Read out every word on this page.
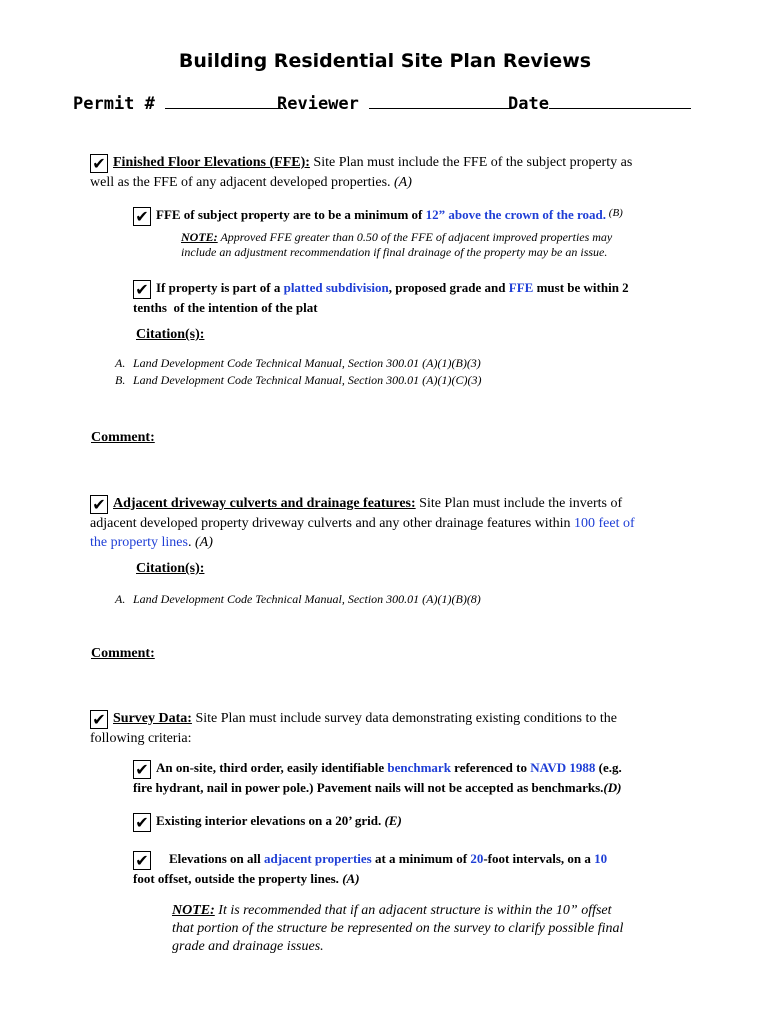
Building Residential Site Plan Reviews
Permit #	Reviewer	Date
✔ Finished Floor Elevations (FFE): Site Plan must include the FFE of the subject property as
well as the FFE of any adjacent developed properties. (A)
✔ FFE of subject property are to be a minimum of 12” above the crown of the road. $^{(B)}$
NOTE: Approved FFE greater than 0.50 of the FFE of adjacent improved properties may
include an adjustment recommendation if final drainage of the property may be an issue.
✔ If property is part of a platted subdivision, proposed grade and FFE must be within 2
tenths  of the intention of the plat
Citation(s):
A. Land Development Code Technical Manual, Section 300.01 (A)(1)(B)(3)
B. Land Development Code Technical Manual, Section 300.01 (A)(1)(C)(3)
Comment:
✔ Adjacent driveway culverts and drainage features: Site Plan must include the inverts of
adjacent developed property driveway culverts and any other drainage features within 100 feet of
the property lines. (A)
Citation(s):
A. Land Development Code Technical Manual, Section 300.01 (A)(1)(B)(8)
Comment:
✔ Survey Data: Site Plan must include survey data demonstrating existing conditions to the
following criteria:
✔ An on-site, third order, easily identifiable benchmark referenced to NAVD 1988 (e.g.
fire hydrant, nail in power pole.) Pavement nails will not be accepted as benchmarks.(D)
✔ Existing interior elevations on a 20’ grid. (E)
✔ Elevations on all adjacent properties at a minimum of 20-foot intervals, on a 10
foot offset, outside the property lines. (A)
NOTE: It is recommended that if an adjacent structure is within the 10” offset
that portion of the structure be represented on the survey to clarify possible final
grade and drainage issues.
